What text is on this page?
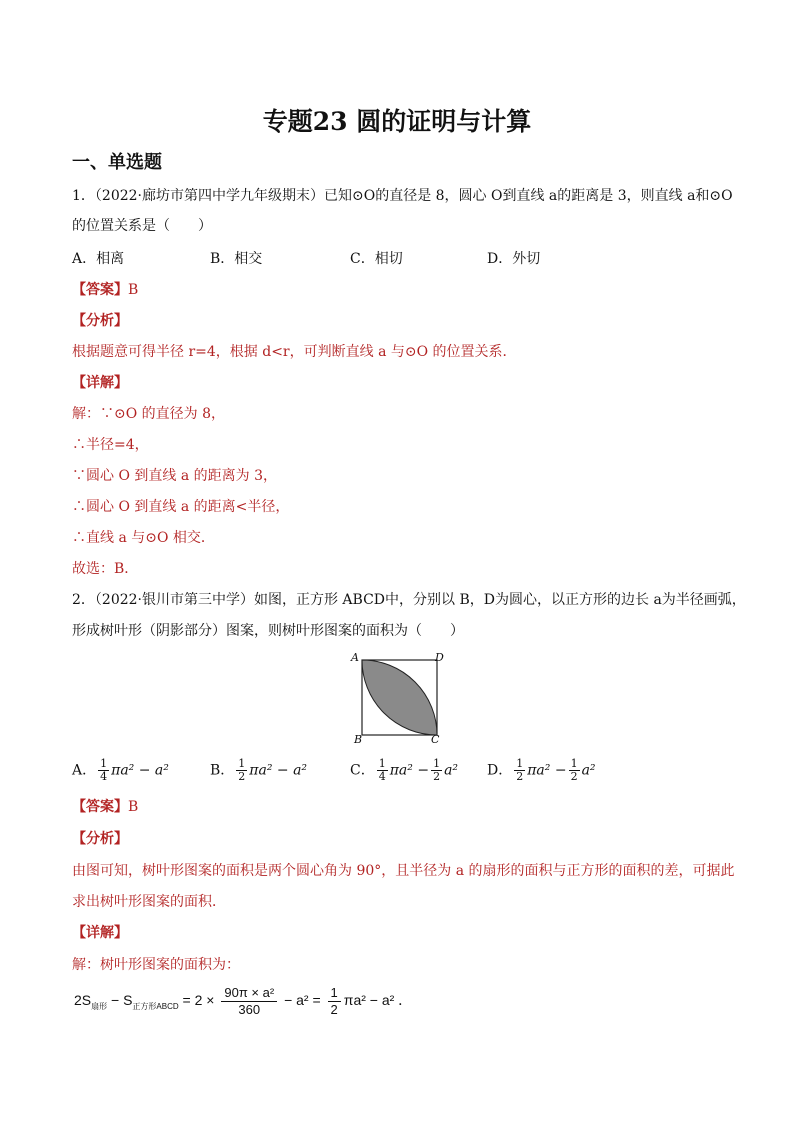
专题23 圆的证明与计算
一、单选题
1．（2022·廊坊市第四中学九年级期末）已知⊙O的直径是 8，圆心 O到直线 a的距离是 3，则直线 a和⊙O
的位置关系是（　　）
A．相离	B．相交	C．相切	D．外切
【答案】B
【分析】
根据题意可得半径 r=4，根据 d<r，可判断直线 a 与⊙O 的位置关系．
【详解】
解：∵⊙O 的直径为 8，
∴半径=4，
∵圆心 O 到直线 a 的距离为 3，
∴圆心 O 到直线 a 的距离<半径，
∴直线 a 与⊙O 相交．
故选：B．
2．（2022·银川市第三中学）如图，正方形 ABCD中，分别以 B，D为圆心，以正方形的边长 a为半径画弧，
形成树叶形（阴影部分）图案，则树叶形图案的面积为（　　）
A	D
B	C
A． $\frac{1}{4} \pi a^2 - a^2$	B． $\frac{1}{2} \pi a^2 - a^2$	C． $\frac{1}{4} \pi a^2 - \frac{1}{2} a^2$ D． $\frac{1}{2} \pi a^2 - \frac{1}{2} a^2$
【答案】B
【分析】
由图可知，树叶形图案的面积是两个圆心角为 90°，且半径为 a 的扇形的面积与正方形的面积的差，可据此
求出树叶形图案的面积．
【详解】
解：树叶形图案的面积为：
$2S_{扇形} - S_{正方形ABCD} = 2 \times \frac{\text{90π × a²}}{360} - a^2 = \frac{1}{2} \pi a^2 - a^2$ ．
